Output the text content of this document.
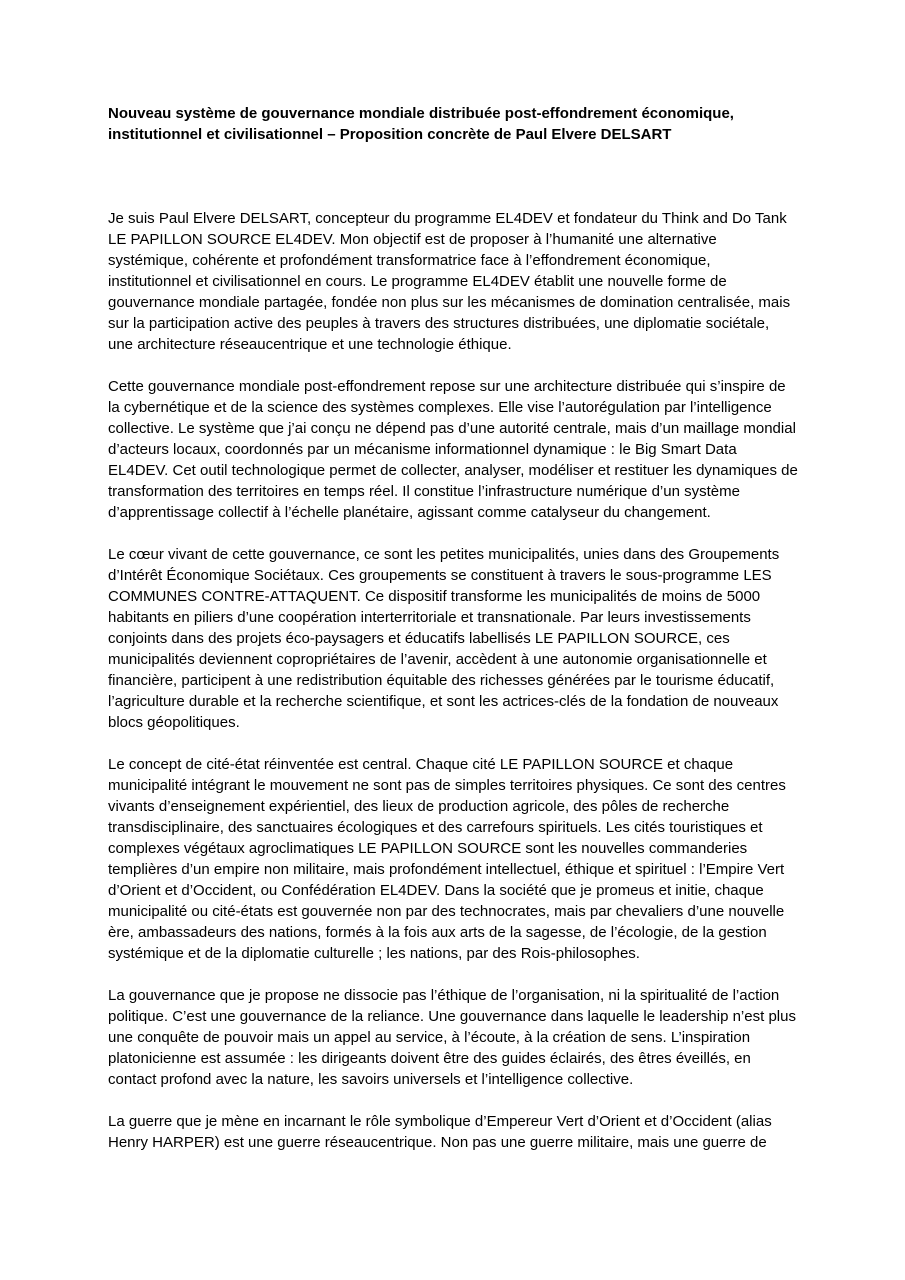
Nouveau système de gouvernance mondiale distribuée post-effondrement économique, institutionnel et civilisationnel – Proposition concrète de Paul Elvere DELSART

Je suis Paul Elvere DELSART, concepteur du programme EL4DEV et fondateur du Think and Do Tank LE PAPILLON SOURCE EL4DEV. Mon objectif est de proposer à l’humanité une alternative systémique, cohérente et profondément transformatrice face à l’effondrement économique, institutionnel et civilisationnel en cours. Le programme EL4DEV établit une nouvelle forme de gouvernance mondiale partagée, fondée non plus sur les mécanismes de domination centralisée, mais sur la participation active des peuples à travers des structures distribuées, une diplomatie sociétale, une architecture réseaucentrique et une technologie éthique.

Cette gouvernance mondiale post-effondrement repose sur une architecture distribuée qui s’inspire de la cybernétique et de la science des systèmes complexes. Elle vise l’autorégulation par l’intelligence collective. Le système que j’ai conçu ne dépend pas d’une autorité centrale, mais d’un maillage mondial d’acteurs locaux, coordonnés par un mécanisme informationnel dynamique : le Big Smart Data EL4DEV. Cet outil technologique permet de collecter, analyser, modéliser et restituer les dynamiques de transformation des territoires en temps réel. Il constitue l’infrastructure numérique d’un système d’apprentissage collectif à l’échelle planétaire, agissant comme catalyseur du changement.

Le cœur vivant de cette gouvernance, ce sont les petites municipalités, unies dans des Groupements d’Intérêt Économique Sociétaux. Ces groupements se constituent à travers le sous-programme LES COMMUNES CONTRE-ATTAQUENT. Ce dispositif transforme les municipalités de moins de 5000 habitants en piliers d’une coopération interterritoriale et transnationale. Par leurs investissements conjoints dans des projets éco-paysagers et éducatifs labellisés LE PAPILLON SOURCE, ces municipalités deviennent copropriétaires de l’avenir, accèdent à une autonomie organisationnelle et financière, participent à une redistribution équitable des richesses générées par le tourisme éducatif, l’agriculture durable et la recherche scientifique, et sont les actrices-clés de la fondation de nouveaux blocs géopolitiques.

Le concept de cité-état réinventée est central. Chaque cité LE PAPILLON SOURCE et chaque municipalité intégrant le mouvement ne sont pas de simples territoires physiques. Ce sont des centres vivants d’enseignement expérientiel, des lieux de production agricole, des pôles de recherche transdisciplinaire, des sanctuaires écologiques et des carrefours spirituels. Les cités touristiques et complexes végétaux agroclimatiques LE PAPILLON SOURCE sont les nouvelles commanderies templières d’un empire non militaire, mais profondément intellectuel, éthique et spirituel : l’Empire Vert d’Orient et d’Occident, ou Confédération EL4DEV. Dans la société que je promeus et initie, chaque municipalité ou cité-états est gouvernée non par des technocrates, mais par chevaliers d’une nouvelle ère, ambassadeurs des nations, formés à la fois aux arts de la sagesse, de l’écologie, de la gestion systémique et de la diplomatie culturelle ; les nations, par des Rois-philosophes.

La gouvernance que je propose ne dissocie pas l’éthique de l’organisation, ni la spiritualité de l’action politique. C’est une gouvernance de la reliance. Une gouvernance dans laquelle le leadership n’est plus une conquête de pouvoir mais un appel au service, à l’écoute, à la création de sens. L’inspiration platonicienne est assumée : les dirigeants doivent être des guides éclairés, des êtres éveillés, en contact profond avec la nature, les savoirs universels et l’intelligence collective.

La guerre que je mène en incarnant le rôle symbolique d’Empereur Vert d’Orient et d’Occident (alias Henry HARPER) est une guerre réseaucentrique. Non pas une guerre militaire, mais une guerre de
